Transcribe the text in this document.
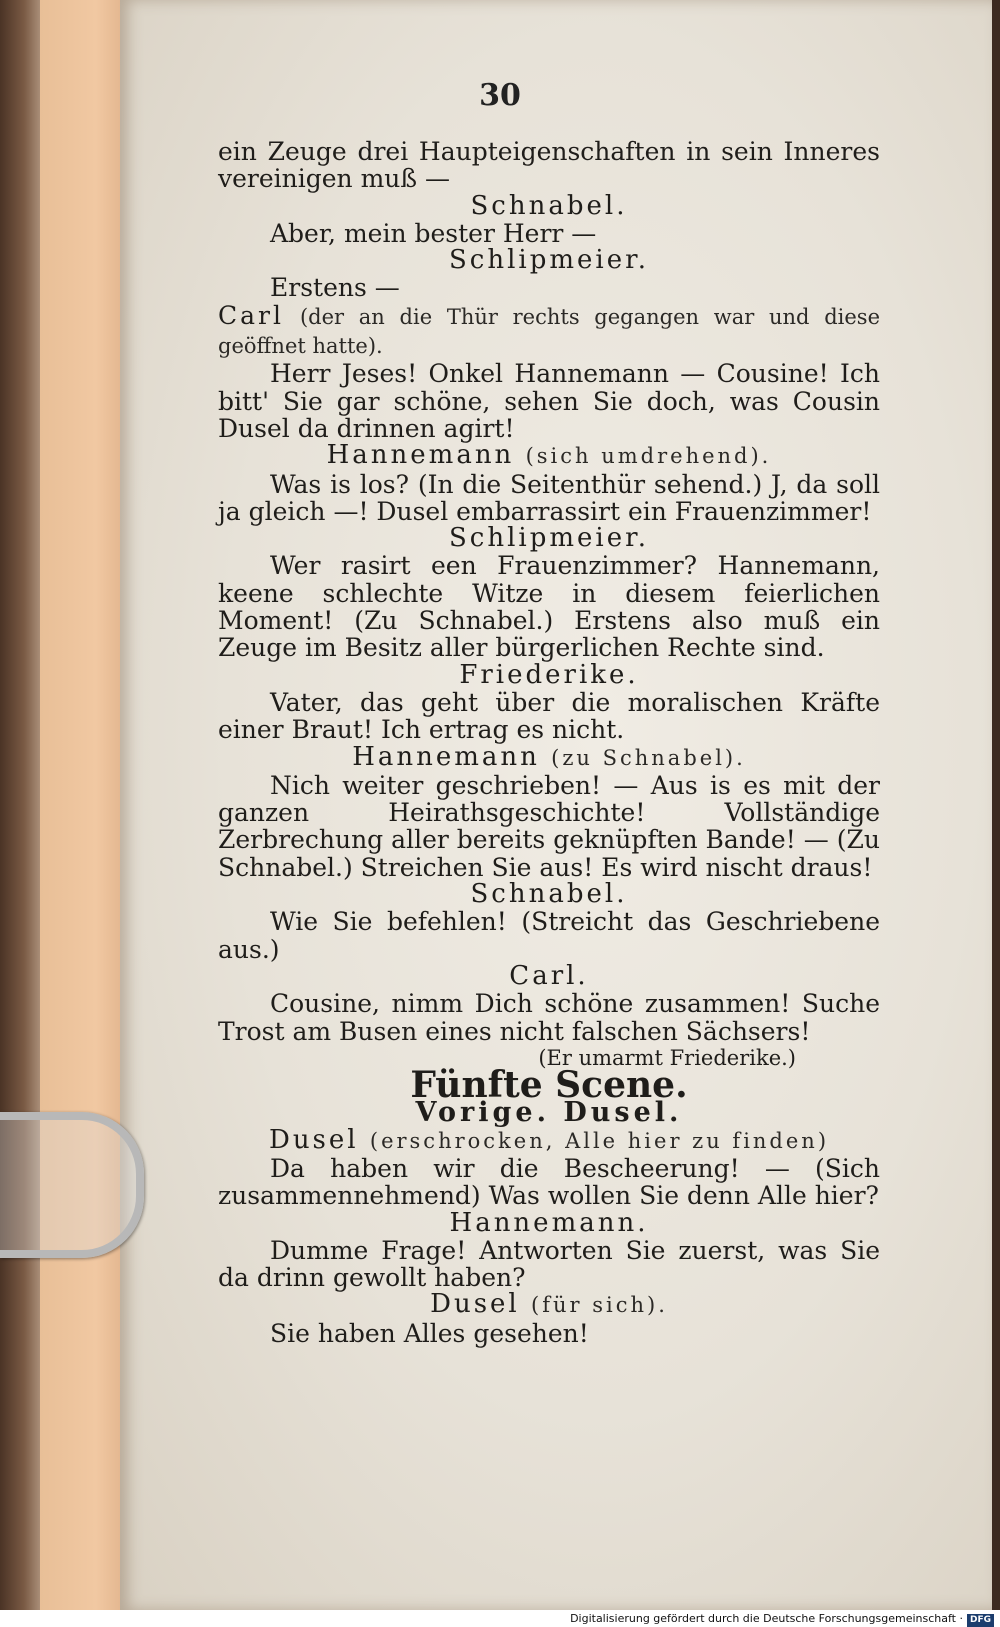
30

ein Zeuge drei Haupteigenschaften in sein Inneres vereinigen muß —

Schnabel.

Aber, mein bester Herr —

Schlipmeier.

Erstens —

Carl (der an die Thür rechts gegangen war und diese geöffnet hatte).

Herr Jeses! Onkel Hannemann — Cousine! Ich bitt' Sie gar schöne, sehen Sie doch, was Cousin Dusel da drinnen agirt!

Hannemann (sich umdrehend).

Was is los? (In die Seitenthür sehend.) J, da soll ja gleich —! Dusel embarrassirt ein Frauenzimmer!

Schlipmeier.

Wer rasirt een Frauenzimmer? Hannemann, keene schlechte Witze in diesem feierlichen Moment! (Zu Schnabel.) Erstens also muß ein Zeuge im Besitz aller bürgerlichen Rechte sind.

Friederike.

Vater, das geht über die moralischen Kräfte einer Braut! Ich ertrag es nicht.

Hannemann (zu Schnabel).

Nich weiter geschrieben! — Aus is es mit der ganzen Heirathsgeschichte! Vollständige Zerbrechung aller bereits geknüpften Bande! — (Zu Schnabel.) Streichen Sie aus! Es wird nischt draus!

Schnabel.

Wie Sie befehlen! (Streicht das Geschriebene aus.)

Carl.

Cousine, nimm Dich schöne zusammen! Suche Trost am Busen eines nicht falschen Sächsers!

(Er umarmt Friederike.)

Fünfte Scene.

Vorige. Dusel.

Dusel (erschrocken, Alle hier zu finden)

Da haben wir die Bescheerung! — (Sich zusammennehmend) Was wollen Sie denn Alle hier?

Hannemann.

Dumme Frage! Antworten Sie zuerst, was Sie da drinn gewollt haben?

Dusel (für sich).

Sie haben Alles gesehen!

Digitalisierung gefördert durch die Deutsche Forschungsgemeinschaft · DFG
